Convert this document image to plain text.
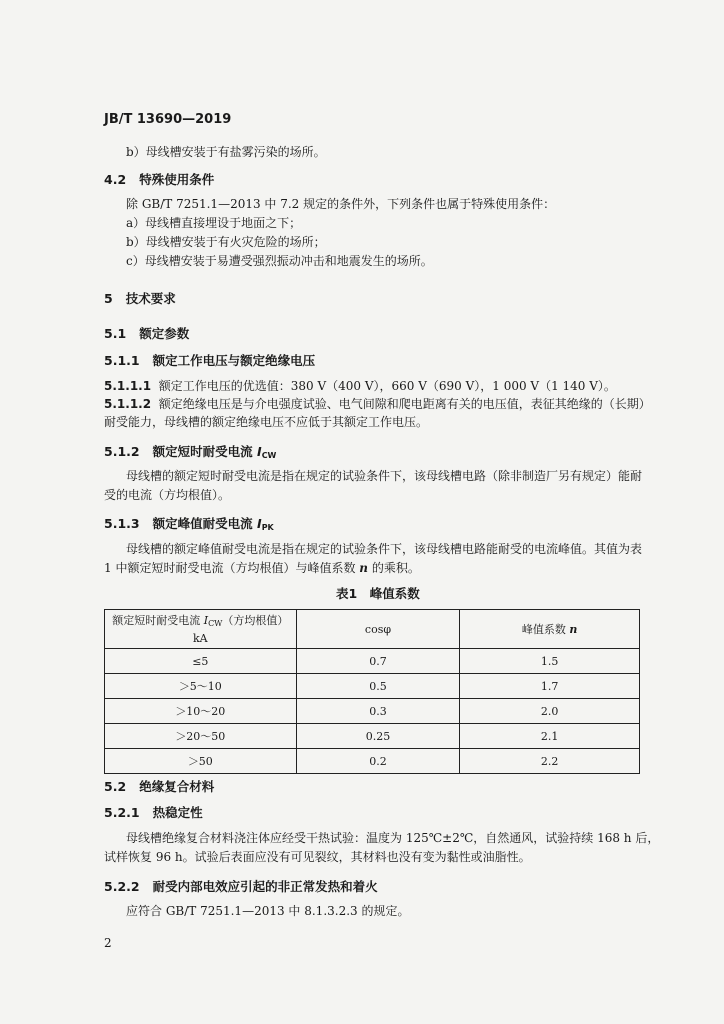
JB/T 13690—2019
b）母线槽安装于有盐雾污染的场所。
4.2 特殊使用条件
除 GB/T 7251.1—2013 中 7.2 规定的条件外，下列条件也属于特殊使用条件：
a）母线槽直接埋设于地面之下；
b）母线槽安装于有火灾危险的场所；
c）母线槽安装于易遭受强烈振动冲击和地震发生的场所。
5 技术要求
5.1 额定参数
5.1.1 额定工作电压与额定绝缘电压
5.1.1.1 额定工作电压的优选值：380 V（400 V），660 V（690 V），1 000 V（1 140 V）。
5.1.1.2 额定绝缘电压是与介电强度试验、电气间隙和爬电距离有关的电压值，表征其绝缘的（长期）
耐受能力，母线槽的额定绝缘电压不应低于其额定工作电压。
5.1.2 额定短时耐受电流 $I_{CW}$
母线槽的额定短时耐受电流是指在规定的试验条件下，该母线槽电路（除非制造厂另有规定）能耐
受的电流（方均根值）。
5.1.3 额定峰值耐受电流 $I_{PK}$
母线槽的额定峰值耐受电流是指在规定的试验条件下，该母线槽电路能耐受的电流峰值。其值为表
1 中额定短时耐受电流（方均根值）与峰值系数 n 的乘积。
表1　峰值系数
额定短时耐受电流 $I_{CW}$（方均根值）
kA	cosφ	峰值系数 n
≤5	0.7	1.5
＞5～10	0.5	1.7
＞10～20	0.3	2.0
＞20～50	0.25	2.1
＞50	0.2	2.2
5.2 绝缘复合材料
5.2.1 热稳定性
母线槽绝缘复合材料浇注体应经受干热试验：温度为 125℃±2℃，自然通风，试验持续 168 h 后，
试样恢复 96 h。试验后表面应没有可见裂纹，其材料也没有变为黏性或油脂性。
5.2.2 耐受内部电效应引起的非正常发热和着火
应符合 GB/T 7251.1—2013 中 8.1.3.2.3 的规定。
2
